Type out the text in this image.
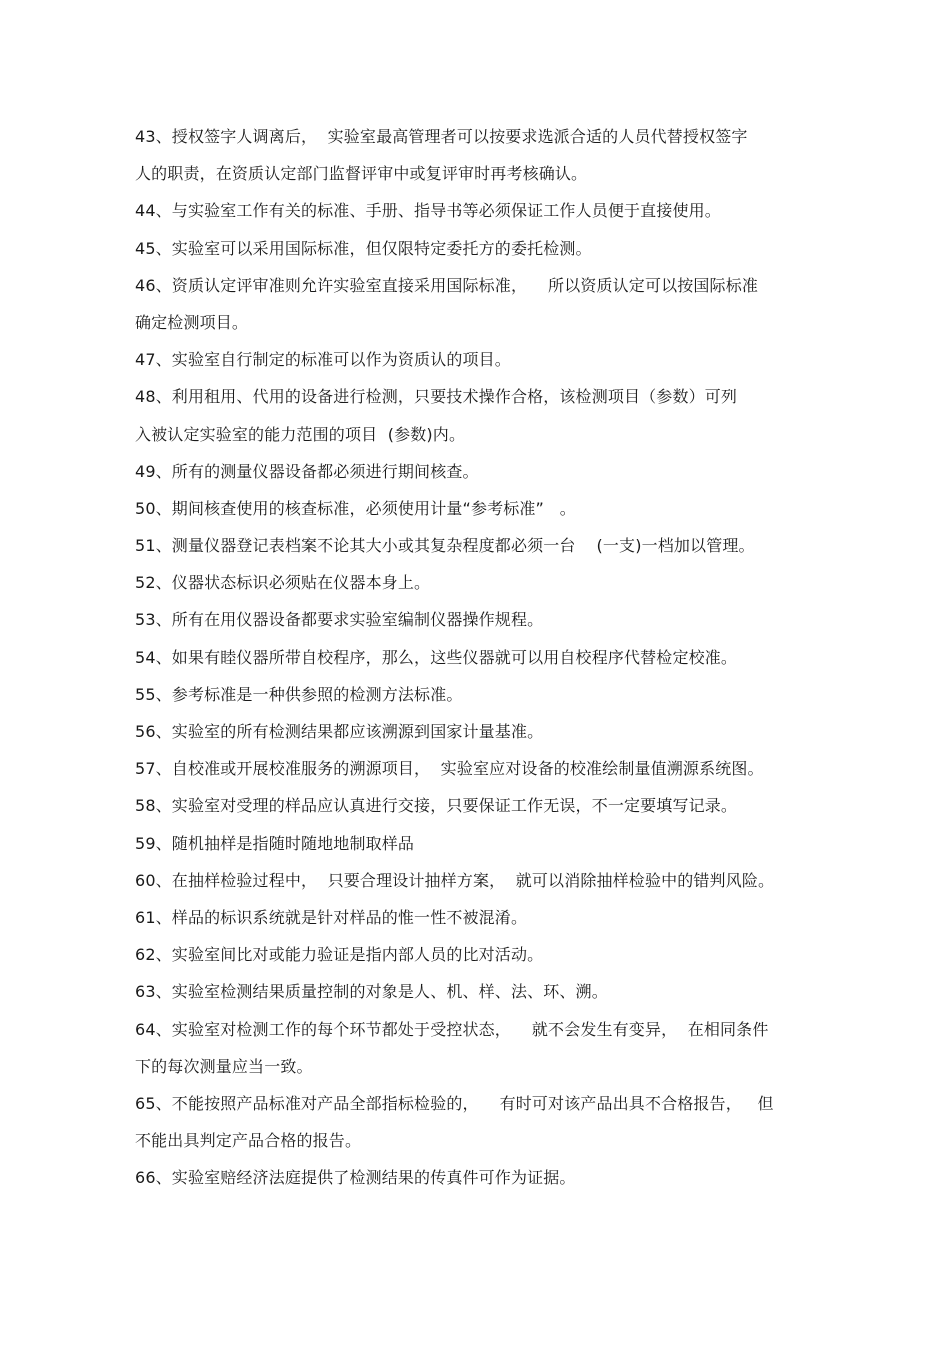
43、授权签字人调离后，  实验室最高管理者可以按要求选派合适的人员代替授权签字
人的职责，在资质认定部门监督评审中或复评审时再考核确认。
44、与实验室工作有关的标准、手册、指导书等必须保证工作人员便于直接使用。
45、实验室可以采用国际标准，但仅限特定委托方的委托检测。
46、资质认定评审准则允许实验室直接采用国际标准，    所以资质认定可以按国际标准
确定检测项目。
47、实验室自行制定的标准可以作为资质认的项目。
48、利用租用、代用的设备进行检测，只要技术操作合格，该检测项目（参数）可列
入被认定实验室的能力范围的项目  (参数)内。
49、所有的测量仪器设备都必须进行期间核查。
50、期间核查使用的核查标准，必须使用计量“参考标准”   。
51、测量仪器登记表档案不论其大小或其复杂程度都必须一台    (一支)一档加以管理。
52、仪器状态标识必须贴在仪器本身上。
53、所有在用仪器设备都要求实验室编制仪器操作规程。
54、如果有睦仪器所带自校程序，那么，这些仪器就可以用自校程序代替检定校准。
55、参考标准是一种供参照的检测方法标准。
56、实验室的所有检测结果都应该溯源到国家计量基准。
57、自校准或开展校准服务的溯源项目，  实验室应对设备的校准绘制量值溯源系统图。
58、实验室对受理的样品应认真进行交接，只要保证工作无误，不一定要填写记录。
59、随机抽样是指随时随地地制取样品
60、在抽样检验过程中，  只要合理设计抽样方案，  就可以消除抽样检验中的错判风险。
61、样品的标识系统就是针对样品的惟一性不被混淆。
62、实验室间比对或能力验证是指内部人员的比对活动。
63、实验室检测结果质量控制的对象是人、机、样、法、环、溯。
64、实验室对检测工作的每个环节都处于受控状态，    就不会发生有变异，  在相同条件
下的每次测量应当一致。
65、不能按照产品标准对产品全部指标检验的，    有时可对该产品出具不合格报告，   但
不能出具判定产品合格的报告。
66、实验室赔经济法庭提供了检测结果的传真件可作为证据。
